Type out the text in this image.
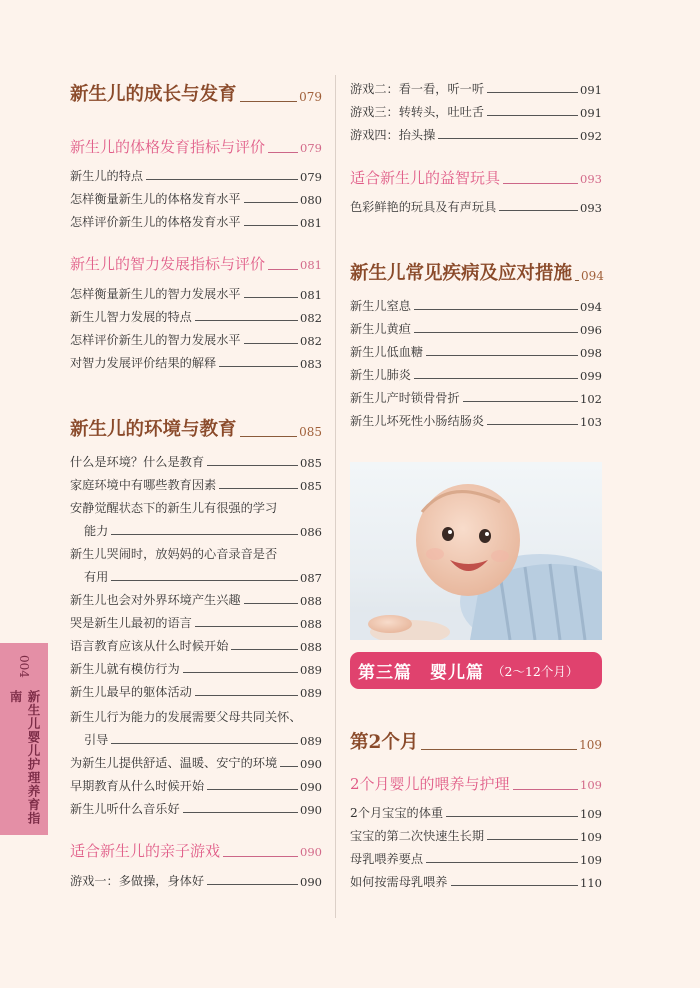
新生儿的成长与发育	079
新生儿的体格发育指标与评价	079
新生儿的特点	079
怎样衡量新生儿的体格发育水平	080
怎样评价新生儿的体格发育水平	081
新生儿的智力发展指标与评价	081
怎样衡量新生儿的智力发展水平	081
新生儿智力发展的特点	082
怎样评价新生儿的智力发展水平	082
对智力发展评价结果的解释	083
新生儿的环境与教育	085
什么是环境？什么是教育	085
家庭环境中有哪些教育因素	085
安静觉醒状态下的新生儿有很强的学习
能力	086
新生儿哭闹时，放妈妈的心音录音是否
有用	087
新生儿也会对外界环境产生兴趣	088
哭是新生儿最初的语言	088
语言教育应该从什么时候开始	088
新生儿就有模仿行为	089
新生儿最早的躯体活动	089
新生儿行为能力的发展需要父母共同关怀、
引导	089
为新生儿提供舒适、温暖、安宁的环境 090
早期教育从什么时候开始	090
新生儿听什么音乐好	090
适合新生儿的亲子游戏	090
游戏一：多做操，身体好	090
游戏二：看一看，听一听	091
游戏三：转转头，吐吐舌	091
游戏四：抬头操	092
适合新生儿的益智玩具	093
色彩鲜艳的玩具及有声玩具	093
新生儿常见疾病及应对措施 094
新生儿窒息	094
新生儿黄疸	096
新生儿低血糖	098
新生儿肺炎	099
新生儿产时锁骨骨折	102
新生儿坏死性小肠结肠炎	103
第2个月	109
2个月婴儿的喂养与护理	109
2个月宝宝的体重	109
宝宝的第二次快速生长期	109
母乳喂养要点	109
如何按需母乳喂养	110
第三篇　婴儿篇 （2～12个月）
004
新生儿婴儿护理养育指南
